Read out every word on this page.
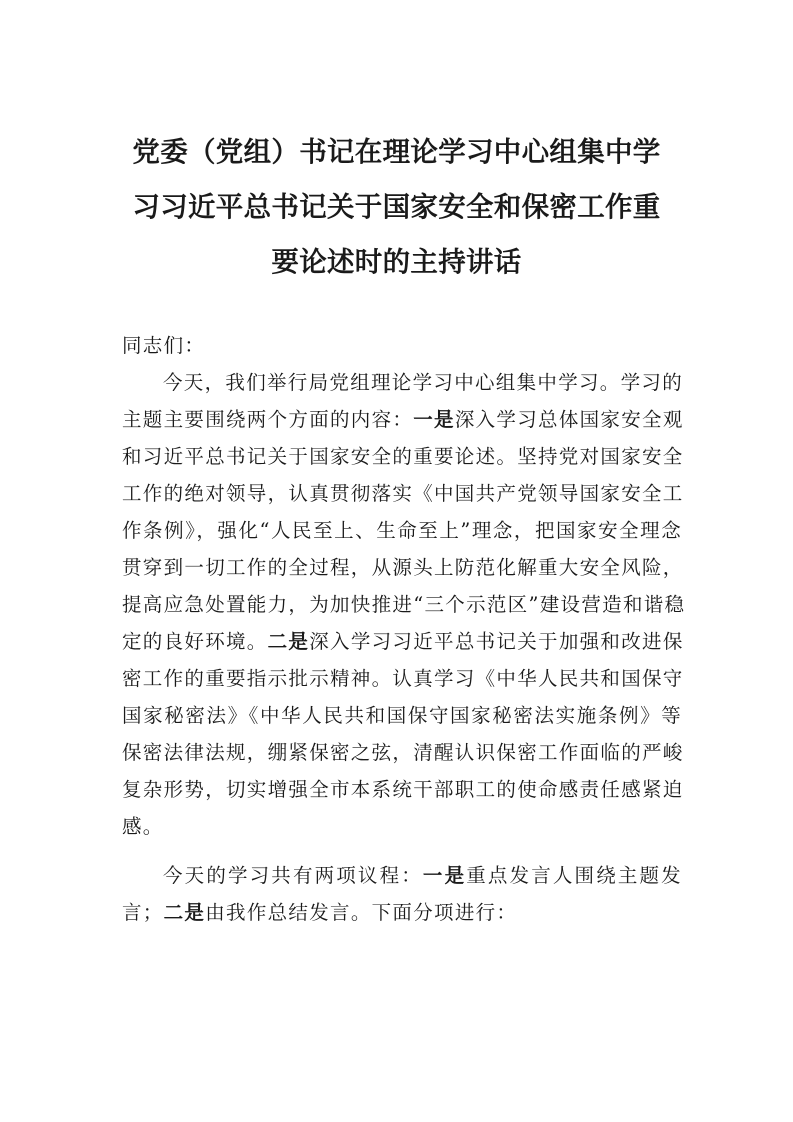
党委（党组）书记在理论学习中心组集中学
习习近平总书记关于国家安全和保密工作重
要论述时的主持讲话
同志们：
今天，我们举行局党组理论学习中心组集中学习。学习的
主题主要围绕两个方面的内容：一是深入学习总体国家安全观
和习近平总书记关于国家安全的重要论述。坚持党对国家安全
工作的绝对领导，认真贯彻落实《中国共产党领导国家安全工
作条例》，强化“人民至上、生命至上”理念，把国家安全理念
贯穿到一切工作的全过程，从源头上防范化解重大安全风险，
提高应急处置能力，为加快推进“三个示范区”建设营造和谐稳
定的良好环境。二是深入学习习近平总书记关于加强和改进保
密工作的重要指示批示精神。认真学习《中华人民共和国保守
国家秘密法》《中华人民共和国保守国家秘密法实施条例》等
保密法律法规，绷紧保密之弦，清醒认识保密工作面临的严峻
复杂形势，切实增强全市本系统干部职工的使命感责任感紧迫
感。
今天的学习共有两项议程：一是重点发言人围绕主题发
言；二是由我作总结发言。下面分项进行：
